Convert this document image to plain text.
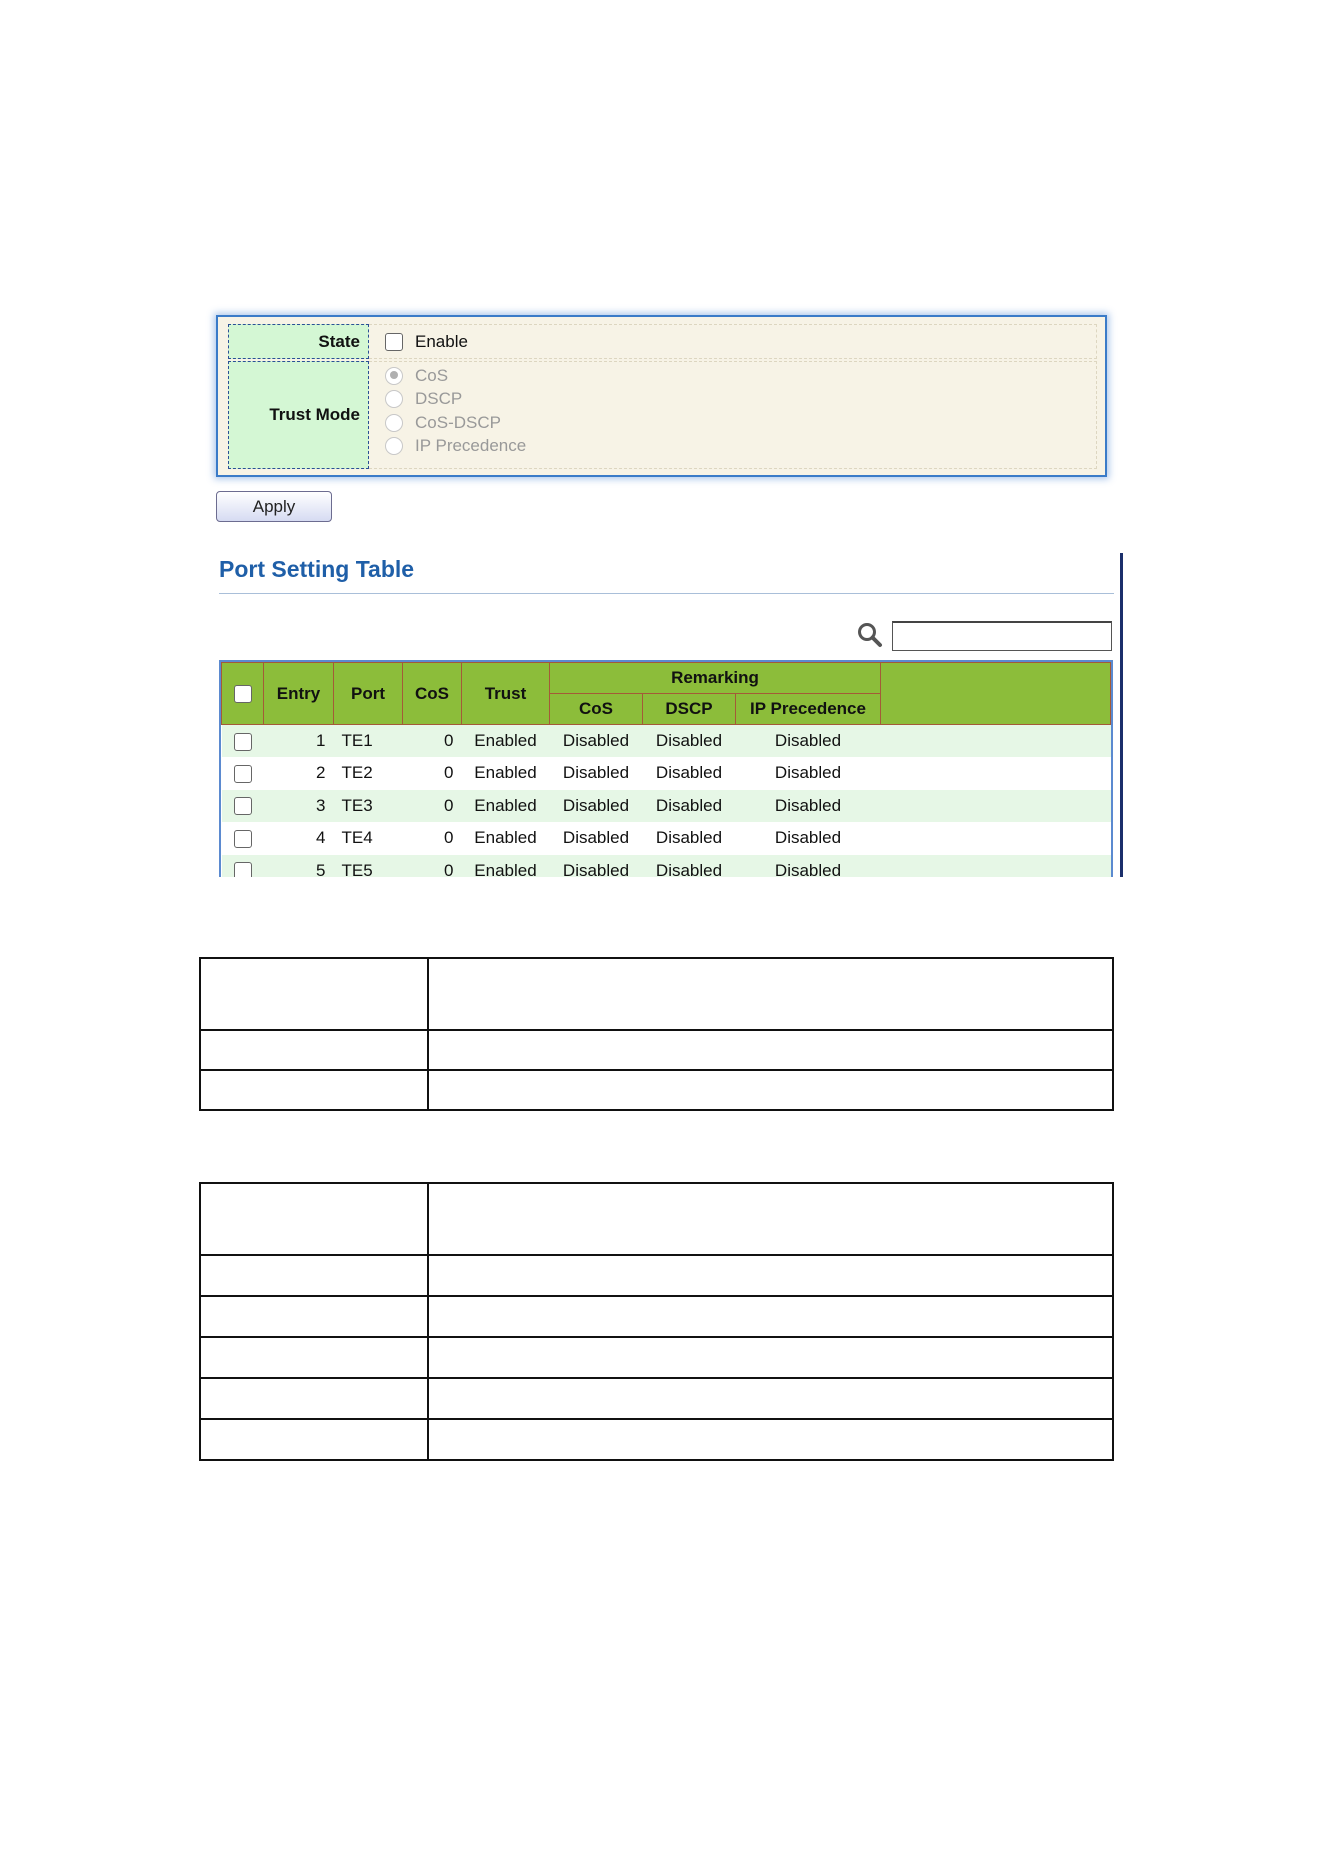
State	Enable
Trust Mode
CoS
DSCP
CoS-DSCP
IP Precedence
Apply
Port Setting Table
	Entry	Port	CoS	Trust	Remarking			
					CoS	DSCP	IP Precedence	
	1	TE1	0	Enabled	Disabled	Disabled	Disabled	
	2	TE2	0	Enabled	Disabled	Disabled	Disabled	
	3	TE3	0	Enabled	Disabled	Disabled	Disabled	
	4	TE4	0	Enabled	Disabled	Disabled	Disabled	
	5	TE5	0	Enabled	Disabled	Disabled	Disabled	
